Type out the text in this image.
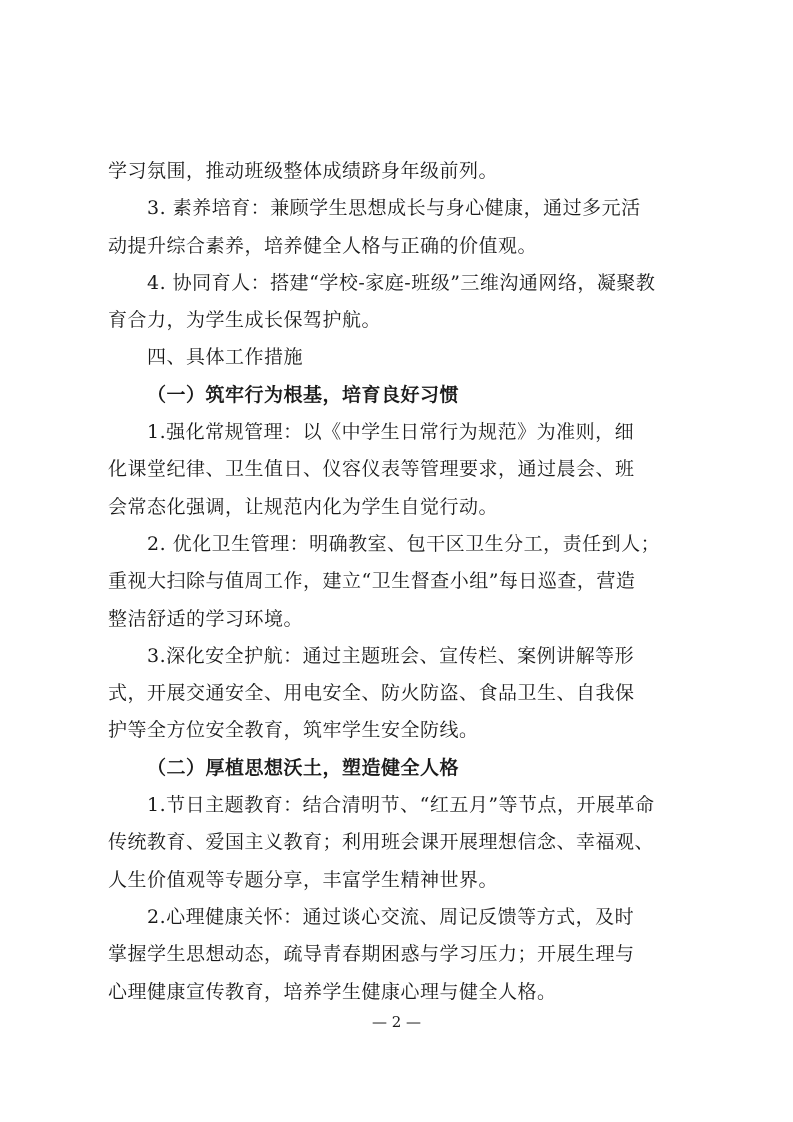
学习氛围，推动班级整体成绩跻身年级前列。
3. 素养培育：兼顾学生思想成长与身心健康，通过多元活
动提升综合素养，培养健全人格与正确的价值观。
4. 协同育人：搭建“学校-家庭-班级”三维沟通网络，凝聚教
育合力，为学生成长保驾护航。
四、具体工作措施
（一）筑牢行为根基，培育良好习惯
1.强化常规管理：以《中学生日常行为规范》为准则，细
化课堂纪律、卫生值日、仪容仪表等管理要求，通过晨会、班
会常态化强调，让规范内化为学生自觉行动。
2. 优化卫生管理：明确教室、包干区卫生分工，责任到人；
重视大扫除与值周工作，建立“卫生督查小组”每日巡查，营造
整洁舒适的学习环境。
3.深化安全护航：通过主题班会、宣传栏、案例讲解等形
式，开展交通安全、用电安全、防火防盗、食品卫生、自我保
护等全方位安全教育，筑牢学生安全防线。
（二）厚植思想沃土，塑造健全人格
1.节日主题教育：结合清明节、“红五月”等节点，开展革命
传统教育、爱国主义教育；利用班会课开展理想信念、幸福观、
人生价值观等专题分享，丰富学生精神世界。
2.心理健康关怀：通过谈心交流、周记反馈等方式，及时
掌握学生思想动态，疏导青春期困惑与学习压力；开展生理与
心理健康宣传教育，培养学生健康心理与健全人格。
— 2 —
